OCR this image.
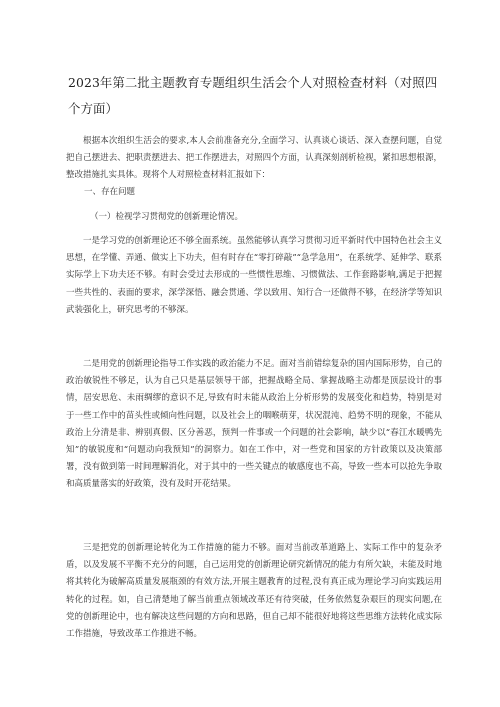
2023年第二批主题教育专题组织生活会个人对照检查材料（对照四个方面）

根据本次组织生活会的要求,本人会前准备充分,全面学习、认真谈心谈话、深入查摆问题，自觉把自己摆进去、把职责摆进去、把工作摆进去，对照四个方面，认真深刻剖析检视，紧扣思想根源，整改措施扎实具体。现将个人对照检查材料汇报如下：

一、存在问题

（一）检视学习贯彻党的创新理论情况。

一是学习党的创新理论还不够全面系统。虽然能够认真学习贯彻习近平新时代中国特色社会主义思想，在学懂、弄通、做实上下功夫，但有时存在“零打碎敲”“急学急用”，在系统学、延伸学、联系实际学上下功夫还不够。有时会受过去形成的一些惯性思维、习惯做法、工作套路影响,满足于把握一些共性的、表面的要求，深学深悟、融会贯通、学以致用、知行合一还做得不够，在经济学等知识武装强化上，研究思考的不够深。

二是用党的创新理论指导工作实践的政治能力不足。面对当前错综复杂的国内国际形势，自己的政治敏锐性不够足，认为自己只是基层领导干部，把握战略全局、掌握战略主动都是顶层设计的事情，居安思危、未雨绸缪的意识不足,导致有时未能从政治上分析形势的发展变化和趋势，特别是对于一些工作中的苗头性或倾向性问题，以及社会上的咽喉萌芽，状况混沌、趋势不明的现象，不能从政治上分清是非、辨别真假、区分善恶，预判一件事或一个问题的社会影响，缺少以“春江水暖鸭先知”的敏锐度和“问题动向我预知”的洞察力。如在工作中，对一些党和国家的方针政策以及决策部署，没有做到第一时间理解消化，对于其中的一些关键点的敏感度也不高，导致一些本可以抢先争取和高质量落实的好政策，没有及时开花结果。

三是把党的创新理论转化为工作措施的能力不够。面对当前改革道路上、实际工作中的复杂矛盾，以及发展不平衡不充分的问题，自己运用党的创新理论研究新情况的能力有所欠缺，未能及时地将其转化为破解高质量发展瓶颈的有效方法,开展主题教育的过程,没有真正成为理论学习向实践运用转化的过程。如，自己清楚地了解当前重点领域改革还有待突破，任务依然复杂艰巨的现实问题,在党的创新理论中，也有解决这些问题的方向和思路，但自己却不能很好地将这些思维方法转化成实际工作措施，导致改革工作推进不畅。
